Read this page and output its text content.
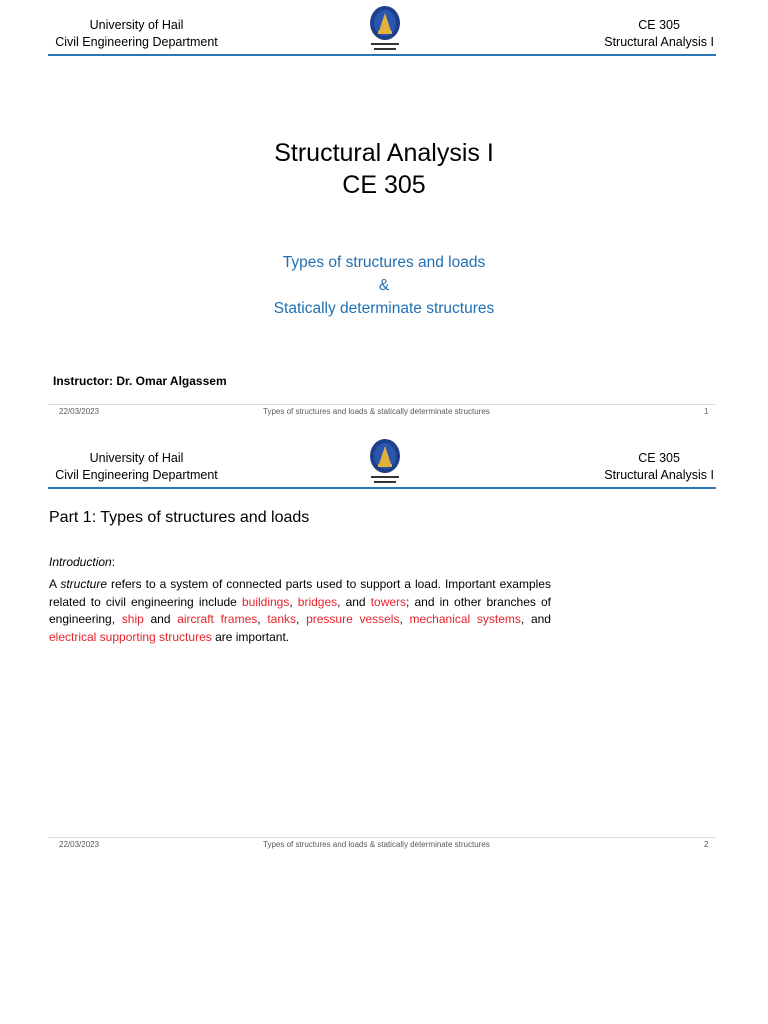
University of Hail
Civil Engineering Department
CE 305
Structural Analysis I
Structural Analysis I
CE 305
Types of structures and loads
&
Statically determinate structures
Instructor: Dr. Omar Algassem
22/03/2023	Types of structures and loads & statically determinate structures	1
University of Hail
Civil Engineering Department
CE 305
Structural Analysis I
Part 1: Types of structures and loads
Introduction:
A structure refers to a system of connected parts used to support a load. Important examples related to civil engineering include buildings, bridges, and towers; and in other branches of engineering, ship and aircraft frames, tanks, pressure vessels, mechanical systems, and electrical supporting structures are important.
22/03/2023	Types of structures and loads & statically determinate structures	2
